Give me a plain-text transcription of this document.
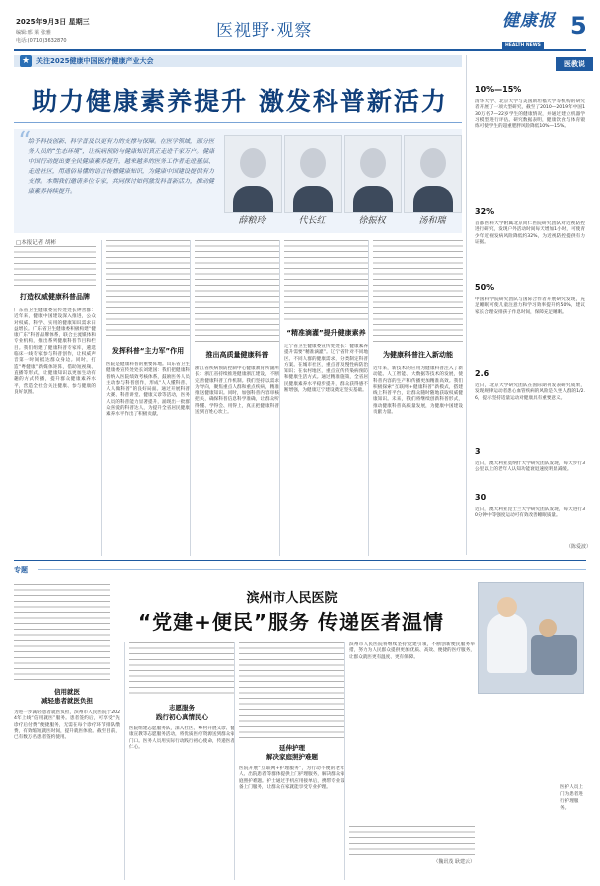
2025年9月3日 星期三
编辑:邢 莱 张雅
电话:(0710)3632870	医视野·观察	健康报
HEALTH NEWS
5
★ 关注2025健康中国医疗健康产业大会
助力健康素养提升 激发科普新活力
“
给予科技创新、科学普及以更有力的支撑与保障。在医学领域，部分医务人员的“生态环境”，让疾病预防与健康知识真正走进千家万户。健康中国行动提出要全民健康素养提升，越来越多的医务工作者走进基层、走进社区，用通俗易懂的语言传播健康知识，为健康中国建设提供有力支撑。本期我们邀请多位专家，共同探讨如何激发科普新活力，推动健康素养持续提升。
薛粮玲	代长红	徐振权	汤和瑞
□本报记者 胡彬
打造权威健康科普品牌
广东省卫生健康委宣传处处长钟善群：近年来，健康中国建设深入推进，公众对权威、科学、实用的健康知识需求日益增长。广东省卫生健康委积极构建“健康广东”科普品牌体系，联合主流媒体和专业机构，推出系列健康科普节目和栏目。我们组建了健康科普专家库，遴选临床一线专家参与科普创作，让权威声音第一时间抵达群众身边。同时，打造“粤健康”新媒体矩阵，借助短视频、直播等形式，让健康知识以更加生动有趣的方式传播，提升群众健康素养水平，营造全社会关注健康、参与健康的良好氛围。
发挥科普“主力军”作用
医院是健康科普的重要阵地。山东省卫生健康委宣传处处长刘建国：我们把健康科普纳入医院绩效考核体系，鼓励医务人员主动参与科普创作，形成“人人懂科普、人人做科普”的良好局面。通过开展科普大赛、科普讲堂、健康义诊等活动，医务人员的科普能力显著提升，涌现出一批群众喜爱的科普达人，为提升全省居民健康素养水平作出了积极贡献。
推出高质量健康科普
浙江省疾病预防控制中心健康教育所副所长：浙江省持续推进健康浙江建设，不断完善健康科普工作机制。我们坚持以需求为导向，聚焦重点人群和重点疾病，精准推送健康知识。同时，加强科普内容审核把关，确保科普信息科学准确，让群众听得懂、学得会、用得上，真正把健康科普送到百姓心坎上。
“精准滴灌”提升健康素养
辽宁省卫生健康委宣传处处长：健康素养提升需要“精准滴灌”。辽宁省针对不同地区、不同人群的健康需求，分类制定科普方案。在城市社区，重点普及慢性病防治知识；在农村地区，重点宣传传染病预防和健康生活方式。通过精准施策，全省居民健康素养水平稳步提升，群众获得感不断增强，为健康辽宁建设奠定坚实基础。
为健康科普注入新动能
近年来，新技术的应用为健康科普注入了新动能。人工智能、大数据等技术的发展，使科普内容的生产和传播更加精准高效。我们积极探索“互联网+健康科普”新模式，搭建线上科普平台，让群众随时随地获取权威健康知识。未来，我们将继续创新科普形式，推动健康科普高质量发展，为健康中国建设贡献力量。
医教说
10%—15%
清华大学、北京大学与美国斯坦福大学等机构的研究者开展了一项大型研究，截至了2010—2019年中国130万名7—22岁学生的健康情况，并通过建立机器学习模型进行评估。研究数据表明，健康饮食与体育锻炼可使学生的超重肥胖风险降低10%—15%。
32%
首都医科大学附属北京同仁医院研究团队对近视防控进行研究，发现户外活动时间每天增加1小时，可使青少年近视发病风险降低约32%，为近视防控提供有力证据。
50%
中国科学院研究团队与国际合作者开展研究发现，充足睡眠可使儿童注意力和学习效率提升约50%，建议家长合理安排孩子作息时间，保障充足睡眠。
2.6
近日，北京大学研究团队在国际期刊发表研究成果，发现规律运动者患心血管疾病的风险是久坐人群的1/2.6，提示坚持适量运动对健康具有重要意义。
3
近日，澳大利亚莫纳什大学研究团队发现，每天步行3公里以上的老年人认知功能衰退速度明显减缓。
30
近日，澳大利亚昆士兰大学研究团队发现，每天进行30分钟中等强度运动可有效改善睡眠质量。
（陈爱波）
专题
滨州市人民医院
“党建+便民”服务 传递医者温情
信用就医
减轻患者就医负担
为进一步减轻患者就医负担，滨州市人民医院于2024年上线“信用就医”服务。患者签约后，可享受“先诊疗后付费”便捷服务，无需在每个诊疗环节排队缴费，有效缩短就医时间，提升就医体验。截至目前，已有数万名患者签约使用。
志愿服务
践行初心真情民心
医院组建志愿服务队，深入社区、乡村开展义诊、健康宣教等志愿服务活动，将优质医疗资源送到群众家门口。医务人员用实际行动践行初心使命，传递医者仁心。	延伸护理
解决家庭照护难题
医院开展“互联网+护理服务”，为行动不便的老年人、出院患者等群体提供上门护理服务，解决群众家庭照护难题。护士通过手机应用接单后，携带专业设备上门服务，让群众在家就能享受专业护理。
滨州市人民医院将继续坚持党建引领，不断创新便民服务举措，努力为人民群众提供更加优质、高效、便捷的医疗服务，让群众就医更有温度、更有保障。
（魏讯茂 耿建云）
医护人员上门为患者进行护理服务。
